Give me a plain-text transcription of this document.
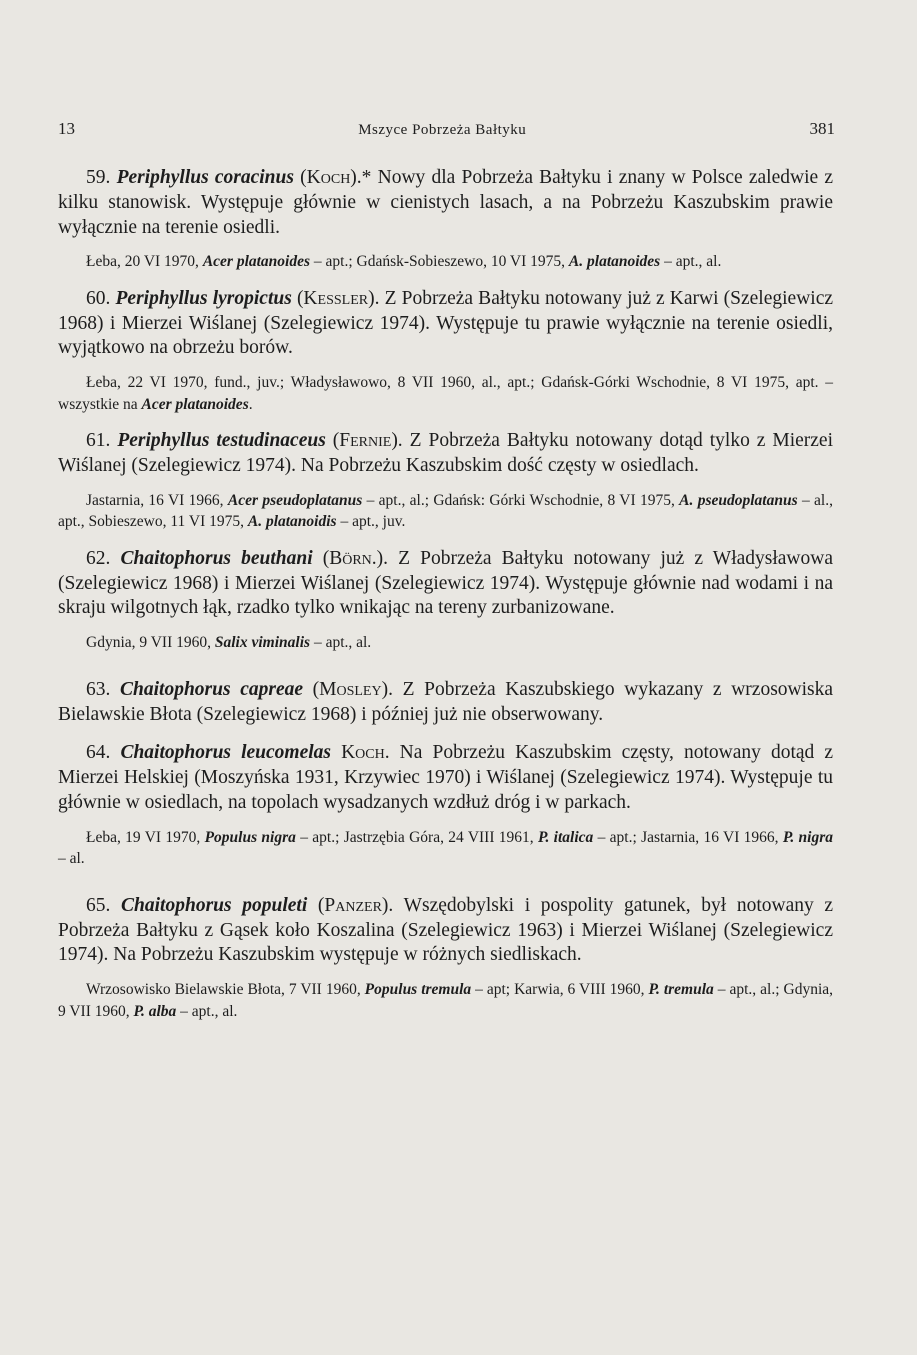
13	Mszyce Pobrzeża Bałtyku	381

59. Periphyllus coracinus (Koch).* Nowy dla Pobrzeża Bałtyku i znany w Polsce zaledwie z kilku stanowisk. Występuje głównie w cienistych lasach, a na Pobrzeżu Kaszubskim prawie wyłącznie na terenie osiedli.

Łeba, 20 VI 1970, Acer platanoides – apt.; Gdańsk-Sobieszewo, 10 VI 1975, A. platanoides – apt., al.

60. Periphyllus lyropictus (Kessler). Z Pobrzeża Bałtyku notowany już z Karwi (Szelegiewicz 1968) i Mierzei Wiślanej (Szelegiewicz 1974). Występuje tu prawie wyłącznie na terenie osiedli, wyjątkowo na obrzeżu borów.

Łeba, 22 VI 1970, fund., juv.; Władysławowo, 8 VII 1960, al., apt.; Gdańsk-Górki Wschodnie, 8 VI 1975, apt. – wszystkie na Acer platanoides.

61. Periphyllus testudinaceus (Fernie). Z Pobrzeża Bałtyku notowany dotąd tylko z Mierzei Wiślanej (Szelegiewicz 1974). Na Pobrzeżu Kaszubskim dość częsty w osiedlach.

Jastarnia, 16 VI 1966, Acer pseudoplatanus – apt., al.; Gdańsk: Górki Wschodnie, 8 VI 1975, A. pseudoplatanus – al., apt., Sobieszewo, 11 VI 1975, A. platanoidis – apt., juv.

62. Chaitophorus beuthani (Börn.). Z Pobrzeża Bałtyku notowany już z Władysławowa (Szelegiewicz 1968) i Mierzei Wiślanej (Szelegiewicz 1974). Występuje głównie nad wodami i na skraju wilgotnych łąk, rzadko tylko wnikając na tereny zurbanizowane.

Gdynia, 9 VII 1960, Salix viminalis – apt., al.

63. Chaitophorus capreae (Mosley). Z Pobrzeża Kaszubskiego wykazany z wrzosowiska Bielawskie Błota (Szelegiewicz 1968) i później już nie obserwowany.

64. Chaitophorus leucomelas Koch. Na Pobrzeżu Kaszubskim częsty, notowany dotąd z Mierzei Helskiej (Moszyńska 1931, Krzywiec 1970) i Wiślanej (Szelegiewicz 1974). Występuje tu głównie w osiedlach, na topolach wysadzanych wzdłuż dróg i w parkach.

Łeba, 19 VI 1970, Populus nigra – apt.; Jastrzębia Góra, 24 VIII 1961, P. italica – apt.; Jastarnia, 16 VI 1966, P. nigra – al.

65. Chaitophorus populeti (Panzer). Wszędobylski i pospolity gatunek, był notowany z Pobrzeża Bałtyku z Gąsek koło Koszalina (Szelegiewicz 1963) i Mierzei Wiślanej (Szelegiewicz 1974). Na Pobrzeżu Kaszubskim występuje w różnych siedliskach.

Wrzosowisko Bielawskie Błota, 7 VII 1960, Populus tremula – apt; Karwia, 6 VIII 1960, P. tremula – apt., al.; Gdynia, 9 VII 1960, P. alba – apt., al.
